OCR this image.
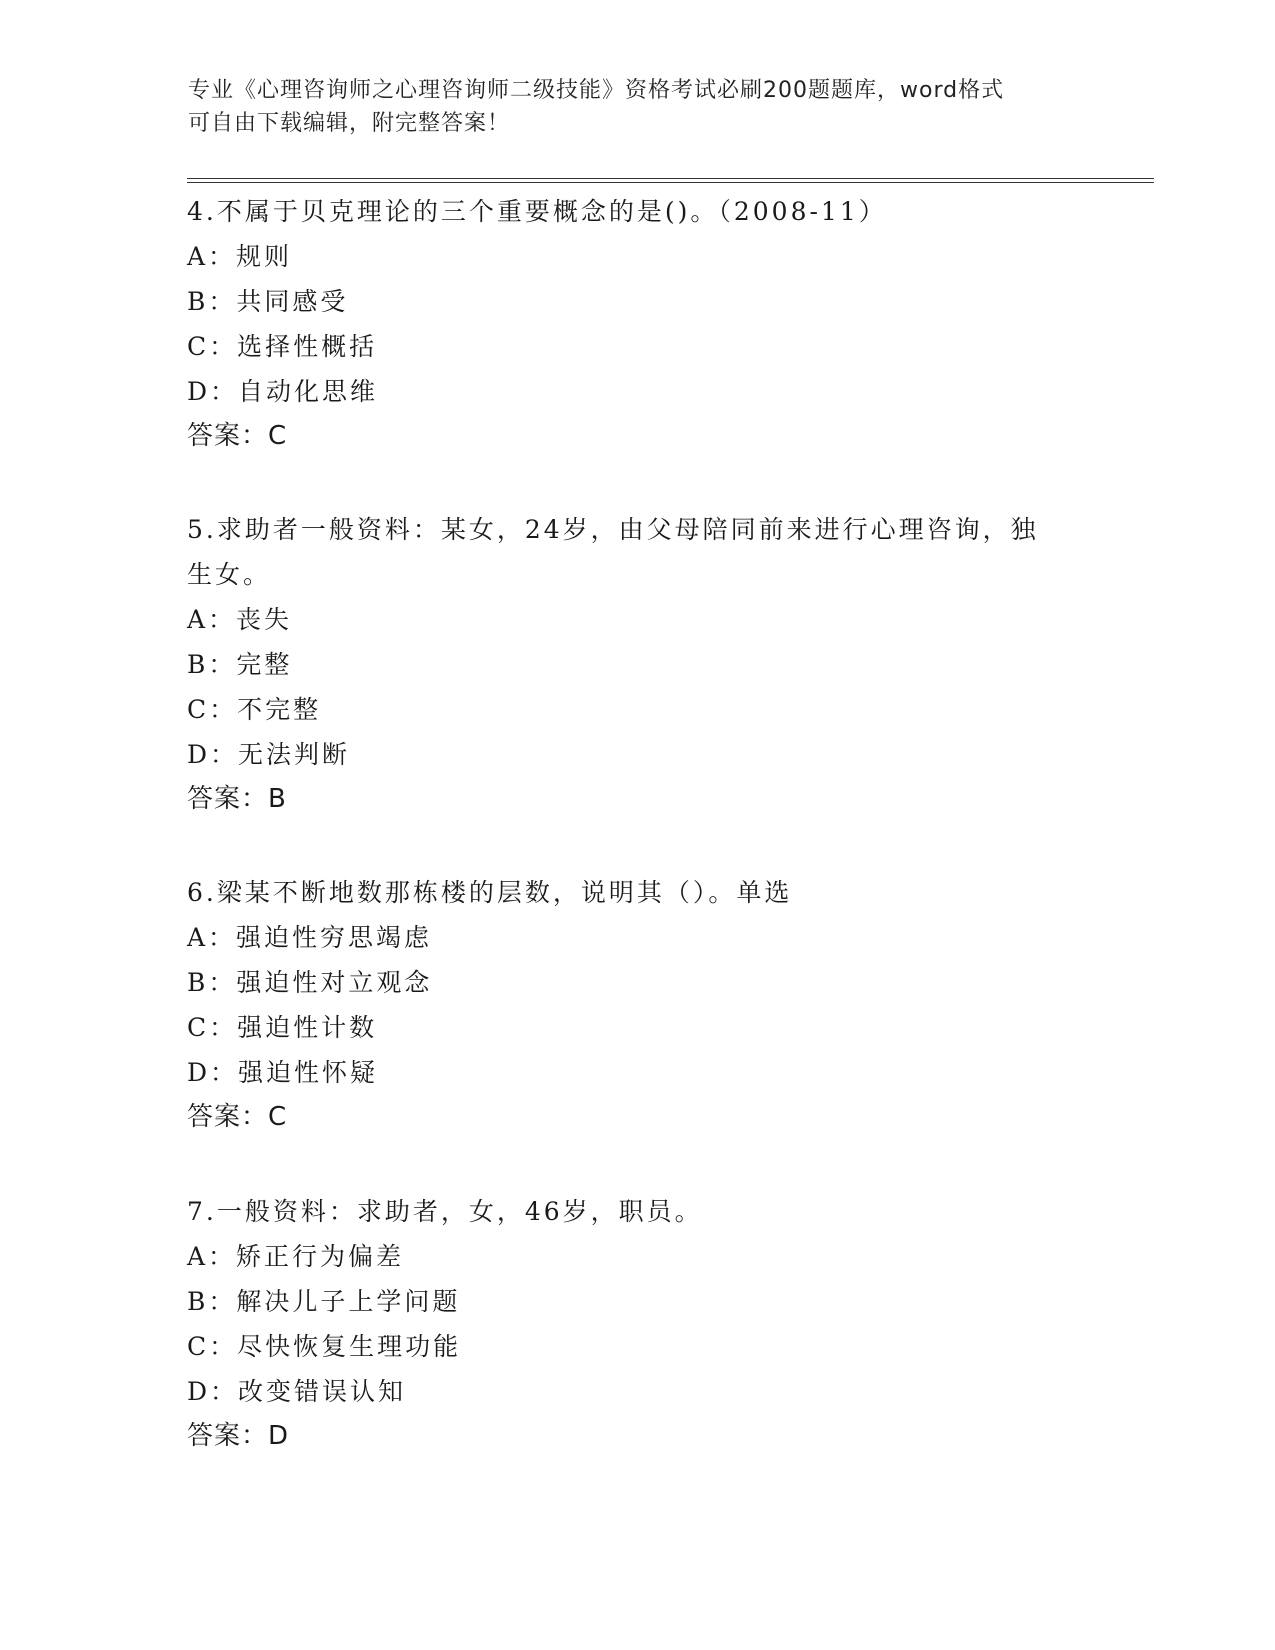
专业《心理咨询师之心理咨询师二级技能》资格考试必刷200题题库，word格式
可自由下载编辑，附完整答案！
4.不属于贝克理论的三个重要概念的是()。（2008-11）
A：规则
B：共同感受
C：选择性概括
D：自动化思维
答案：C
5.求助者一般资料：某女，24岁，由父母陪同前来进行心理咨询，独
生女。
A：丧失
B：完整
C：不完整
D：无法判断
答案：B
6.梁某不断地数那栋楼的层数，说明其（）。单选
A：强迫性穷思竭虑
B：强迫性对立观念
C：强迫性计数
D：强迫性怀疑
答案：C
7.一般资料：求助者，女，46岁，职员。
A：矫正行为偏差
B：解决儿子上学问题
C：尽快恢复生理功能
D：改变错误认知
答案：D
